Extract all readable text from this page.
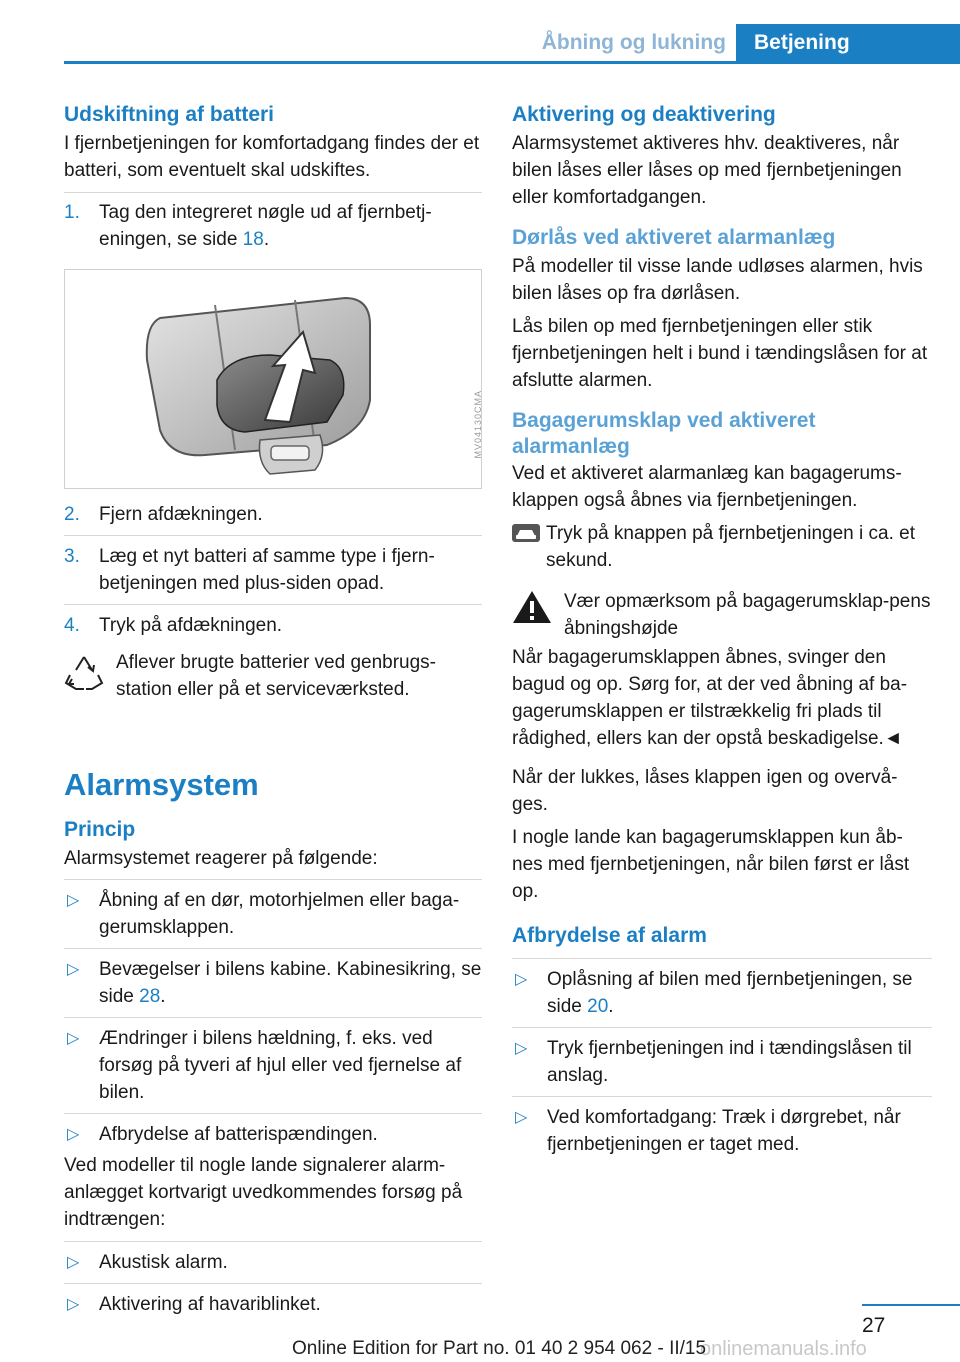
Åbning og lukning	Betjening

Udskiftning af batteri

I fjernbetjeningen for komfortadgang findes der et batteri, som eventuelt skal udskiftes.

1. Tag den integreret nøgle ud af fjernbetj‐eningen, se side 18.
MV04130CMA
2. Fjern afdækningen.
3. Læg et nyt batteri af samme type i fjern‐betjeningen med plus-siden opad.
4. Tryk på afdækningen.

Aflever brugte batterier ved genbrugs‐station eller på et serviceværksted.

Alarmsystem

Princip

Alarmsystemet reagerer på følgende:

▷ Åbning af en dør, motorhjelmen eller baga‐gerumsklappen.
▷ Bevægelser i bilens kabine. Kabinesikring, se side 28.
▷ Ændringer i bilens hældning, f. eks. ved forsøg på tyveri af hjul eller ved fjernelse af bilen.
▷ Afbrydelse af batterispændingen.

Ved modeller til nogle lande signalerer alarm‐anlægget kortvarigt uvedkommendes forsøg på indtrængen:

▷ Akustisk alarm.
▷ Aktivering af havariblinket.

Aktivering og deaktivering

Alarmsystemet aktiveres hhv. deaktiveres, når bilen låses eller låses op med fjernbetjeningen eller komfortadgangen.

Dørlås ved aktiveret alarmanlæg

På modeller til visse lande udløses alarmen, hvis bilen låses op fra dørlåsen.

Lås bilen op med fjernbetjeningen eller stik fjernbetjeningen helt i bund i tændingslåsen for at afslutte alarmen.

Bagagerumsklap ved aktiveret alarmanlæg

Ved et aktiveret alarmanlæg kan bagagerums‐klappen også åbnes via fjernbetjeningen.

Tryk på knappen på fjernbetjeningen i ca. et sekund.

Vær opmærksom på bagagerumsklap‐pens åbningshøjde

Når bagagerumsklappen åbnes, svinger den bagud og op. Sørg for, at der ved åbning af ba‐gagerumsklappen er tilstrækkelig fri plads til rådighed, ellers kan der opstå beskadigelse.◄

Når der lukkes, låses klappen igen og overvå‐ges.

I nogle lande kan bagagerumsklappen kun åb‐nes med fjernbetjeningen, når bilen først er låst op.

Afbrydelse af alarm

▷ Oplåsning af bilen med fjernbetjeningen, se side 20.
▷ Tryk fjernbetjeningen ind i tændingslåsen til anslag.
▷ Ved komfortadgang: Træk i dørgrebet, når fjernbetjeningen er taget med.
27
onlinemanuals.info
Online Edition for Part no. 01 40 2 954 062 - II/15
